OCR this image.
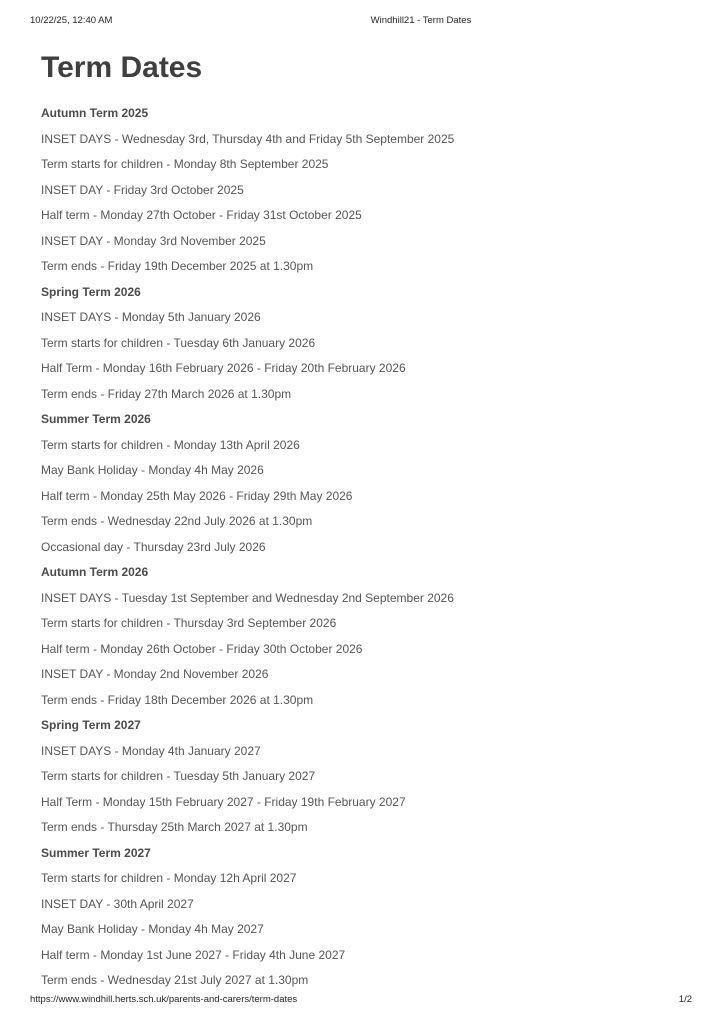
10/22/25, 12:40 AM	Windhill21 - Term Dates
Term Dates

Autumn Term 2025

INSET DAYS - Wednesday 3rd, Thursday 4th and Friday 5th September 2025

Term starts for children - Monday 8th September 2025

INSET DAY - Friday 3rd October 2025

Half term - Monday 27th October - Friday 31st October 2025

INSET DAY - Monday 3rd November 2025

Term ends - Friday 19th December 2025 at 1.30pm

Spring Term 2026

INSET DAYS - Monday 5th January 2026

Term starts for children - Tuesday 6th January 2026

Half Term - Monday 16th February 2026 - Friday 20th February 2026

Term ends - Friday 27th March 2026 at 1.30pm

Summer Term 2026

Term starts for children - Monday 13th April 2026

May Bank Holiday - Monday 4h May 2026

Half term - Monday 25th May 2026 - Friday 29th May 2026

Term ends - Wednesday 22nd July 2026 at 1.30pm

Occasional day - Thursday 23rd July 2026

Autumn Term 2026

INSET DAYS - Tuesday 1st September and Wednesday 2nd September 2026

Term starts for children - Thursday 3rd September 2026

Half term - Monday 26th October - Friday 30th October 2026

INSET DAY - Monday 2nd November 2026

Term ends - Friday 18th December 2026 at 1.30pm

Spring Term 2027

INSET DAYS - Monday 4th January 2027

Term starts for children - Tuesday 5th January 2027

Half Term - Monday 15th February 2027 - Friday 19th February 2027

Term ends - Thursday 25th March 2027 at 1.30pm

Summer Term 2027

Term starts for children - Monday 12h April 2027

INSET DAY - 30th April 2027

May Bank Holiday - Monday 4h May 2027

Half term - Monday 1st June 2027 - Friday 4th June 2027

Term ends - Wednesday 21st July 2027 at 1.30pm

https://www.windhill.herts.sch.uk/parents-and-carers/term-dates	1/2
